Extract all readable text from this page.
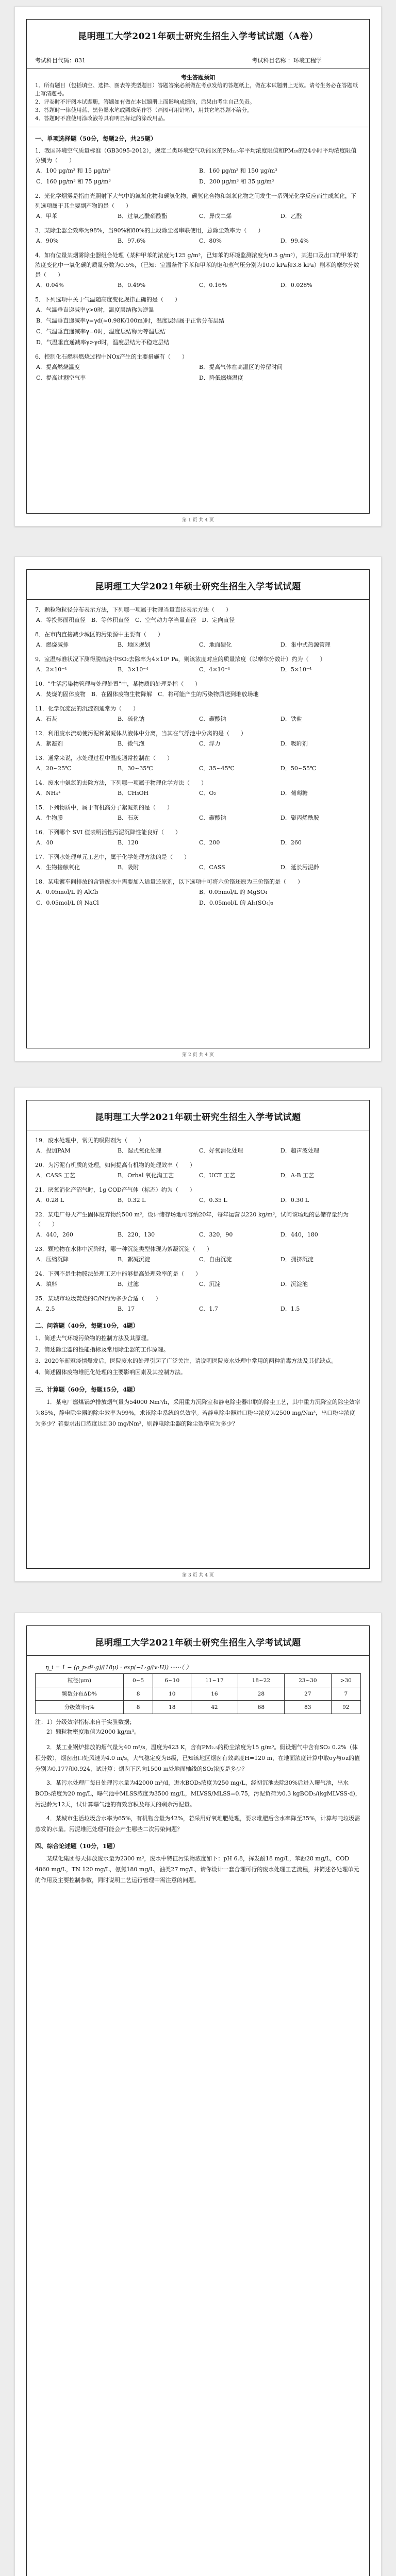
昆明理工大学2021年硕士研究生招生入学考试试题（A卷）
考试科目代码：831	考试科目名称 ：环境工程学
考生答题须知

1．所有题目（包括填空、选择、图表等类型题目）答题答案必须做在考点发给的答题纸上，做在本试题册上无效。请考生务必在答题纸上写清题号。

2．评卷时不评阅本试题册，答题如有做在本试题册上而影响成绩的，后果由考生自己负责。

3．答题时一律使用蓝、黑色墨水笔或圆珠笔作答（画图可用铅笔），用其它笔答题不给分。

4．答题时不准使用涂改液等具有明显标记的涂改用品。

一、单项选择题（50分，每题2分，共25题）
1．我国环境空气质量标准（GB3095-2012），规定二类环境空气功能区的PM₂.₅年平均浓度限值和PM₁₀的24小时平均浓度限值分别为（　　）
A．100 μg/m³ 和 15 μg/m³	B．160 μg/m³ 和 150 μg/m³
C．160 μg/m³ 和 75 μg/m³	D．200 μg/m³ 和 35 μg/m³
2．光化学烟雾是指由光照射下大气中的氮氧化物和碳氢化物，碳氢化合物和氮氧化物之间发生一系列光化学反应而生成氧化，下列选项属于其主要副产物的是（　　）
A．甲苯	B．过氧乙酰硝酸酯	C．异戊二烯	D．乙醛
3．某除尘器全效率为98%，当90%和80%的上段除尘器串联使用，总除尘效率为（　　）
A．90%	B．97.6%	C．80%	D．99.4%
4．如有位量某烟雾除尘器组合处理（某种甲苯的浓度为125 g/m³，已知苯的环境监测浓度为0.5 g/m³），某进口及出口的甲苯的浓度变化中一氧化碳的质量分数为0.5%，（已知：室温条件下苯和甲苯的饱和蒸气压分别为10.0 kPa和3.8 kPa）则苯的摩尔分数是（　　）
A．0.04%	B．0.49%	C．0.16%	D．0.028%
5．下列选项中关于气温随高度变化规律正确的是（　　）
A．气温垂直递减率γ>0时，温度层结称为逆温
B．气温垂直递减率γ=γd(≈0.98K/100m)时，温度层结属于正常分布层结
C．气温垂直递减率γ=0时，温度层结称为等温层结
D．气温垂直递减率γ>γd时，温度层结为不稳定层结
6．控制化石燃料燃烧过程中NOx产生的主要措施有（　　）
A．提高燃烧温度	B．提高气体在高温区的停留时间
C．提高过剩空气率	D．降低燃烧温度
第 1 页 共 4 页
昆明理工大学2021年硕士研究生招生入学考试试题
7．颗粒物粒径分布表示方法，下列哪一项属于物理当量直径表示方法（　　）
A．等投影面积直径　B．等体积直径　C．空气动力学当量直径　D．定向直径
8．在市内直接减少城区的污染源中主要有（　　）
A．燃烧减排	B．地区规划	C．地面硬化	D．集中式热源管理
9．室温标准状况下测得脱硫液中SO₂去除率为4×10⁴ Pa，则该浓度对应的质量浓度（以摩尔分数计）约为（　　）
A．2×10⁻⁴	B．3×10⁻⁴	C．4×10⁻⁴	D．5×10⁻⁴
10．"生活污染物管理与处理处置"中，某物质的处理是指（　　）
A．焚烧的固体废物　B．在固体废物生物降解　C．将可能产生的污染物质送到堆放场地
11．化学沉淀法的沉淀剂通常为（　　）
A．石灰	B．硫化钠	C．碳酸钠	D．铁盐
12．利用废水流动使污泥和絮凝体从液体中分离，当其在气浮池中分离的是（　　）
A．絮凝剂	B．微气泡	C．浮力	D．吸附剂
13．通常来说，水处理过程中温度通常控制在（　　）
A．20~25℃	B．30~35℃	C．35~45℃	D．50~55℃
14．废水中氨氮的去除方法，下列哪一项属于物理化学方法（　　）
A．NH₄⁺	B．CH₃OH	C．O₂	D．葡萄糖
15．下列物质中，属于有机高分子絮凝剂的是（　　）
A．生物膜	B．石灰	C．碳酸钠	D．聚丙烯酰胺
16．下列哪个 SVI 值表明活性污泥沉降性能良好（　　）
A．40	B．120	C．200	D．260
17．下列水处理单元工艺中，属于化学处理方法的是（　　）
A．生物接触氧化	B．吸附	C．CASS	D．延长污泥龄
18．某电镀车间排放的含铬废水中需要加入适量还原剂，以下选项中可将六价铬还原为三价铬的是（　　）
A．0.05mol/L 的 AlCl₃	B．0.05mol/L 的 MgSO₄
C．0.05mol/L 的 NaCl	D．0.05mol/L 的 Al₂(SO₄)₃
第 2 页 共 4 页
昆明理工大学2021年硕士研究生招生入学考试试题
19．废水处理中，常见的吸附剂为（　　）
A．投加PAM	B．湿式氧化处理	C．好氧消化处理	D．超声波处理
20．为污泥有机质的处理，如何提高有机物的处理效率（　　）
A．CASS 工艺	B．Orbal 氧化沟工艺	C．UCT 工艺	D．A-B 工艺
21．厌氧消化产沼气时，1g COD产气体（标态）约为（　　）
A．0.28 L	B．0.32 L	C．0.35 L	D．0.30 L
22．某电厂每天产生固体废弃物约500 m³，设计储存场地可容纳20年，每年运营以220 kg/m³，试问该场地的总储存量约为（　　）
A．440，260	B．220，130	C．320，90	D．440，180
23．颗粒物在水体中沉降时，哪一种沉淀类型体现为絮凝沉淀（　　）
A．压缩沉降	B．絮凝沉淀	C．自由沉淀	D．拥挤沉淀
24．下列不是生物膜法处理工艺中能够提高处理效率的是（　　）
A．填料	B．过滤	C．沉淀	D．沉淀池
25．某城市垃圾焚烧的C/N约为多少合适（　　）
A．2.5	B．17	C．1.7	D．1.5
二、问答题（40分，每题10分，4题）

1．简述大气环境污染物的控制方法及其原理。

2．简述除尘器的性能指标及常用除尘器的工作原理。

3．2020年新冠疫情爆发后，医院废水的处理引起了广泛关注，请说明医院废水处理中常用的两种消毒方法及其优缺点。

4．简述固体废物堆肥化处理的主要影响因素及其控制方法。

三、计算题（60分，每题15分，4题）

1．某电厂燃煤锅炉排放烟气量为54000 Nm³/h，采用重力沉降室和静电除尘器串联的除尘工艺，其中重力沉降室的除尘效率为85%，静电除尘器的除尘效率为99%，求该除尘系统的总效率。若静电除尘器进口粉尘浓度为2500 mg/Nm³，出口粉尘浓度为多少？若要求出口浓度达到30 mg/Nm³，则静电除尘器的除尘效率应为多少？

第 3 页 共 4 页
昆明理工大学2021年硕士研究生招生入学考试试题
η_i = 1 − (ρ_p·d²·g)/(18μ) · exp(−L·g/(v·H)) ······（ ）
粒径(μm)	0~5	6~10	11~17	18~22	23~30	>30
频数分布ΔD%	8	10	16	28	27	7
分级效率η%	8	18	42	68	83	92
注：1）分级效率指标来自于实验数据；
　　2）颗粒物密度取值为2000 kg/m³。

2．某工业锅炉排放的烟气量为40 m³/s，温度为423 K，含有PM₂.₅的粉尘浓度为15 g/m³。假设烟气中含有SO₂ 0.2%（体积分数），烟囱出口处风速为4.0 m/s，大气稳定度为B级，已知该地区烟囱有效高度H=120 m，在地面浓度计算中取σy与σz的值分别为0.177和0.924，试计算：烟囱下风向1500 m处地面轴线的SO₂浓度是多少？

3．某污水处理厂每日处理污水量为42000 m³/d，进水BOD₅浓度为250 mg/L，经初沉池去除30%后进入曝气池，出水BOD₅浓度为20 mg/L，曝气池中MLSS浓度为3500 mg/L，MLVSS/MLSS=0.75，污泥负荷为0.3 kgBOD₅/(kgMLVSS·d)，污泥龄为12天，试计算曝气池的有效容积及每天的剩余污泥量。

4．某城市生活垃圾含水率为65%，有机物含量为42%，若采用好氧堆肥处理，要求堆肥后含水率降至35%，计算每吨垃圾需蒸发的水量。污泥堆肥处理可能会产生哪些二次污染问题？

四、综合论述题（10分，1题）

某煤化集团每天排放废水量为2300 m³，废水中特征污染物浓度如下：pH 6.8，挥发酚18 mg/L，苯酚28 mg/L，COD 4860 mg/L，TN 120 mg/L，氨氮180 mg/L，油类27 mg/L，请你设计一套合理可行的废水处理工艺流程，并简述各处理单元的作用及主要控制参数，同时说明工艺运行管理中需注意的问题。
